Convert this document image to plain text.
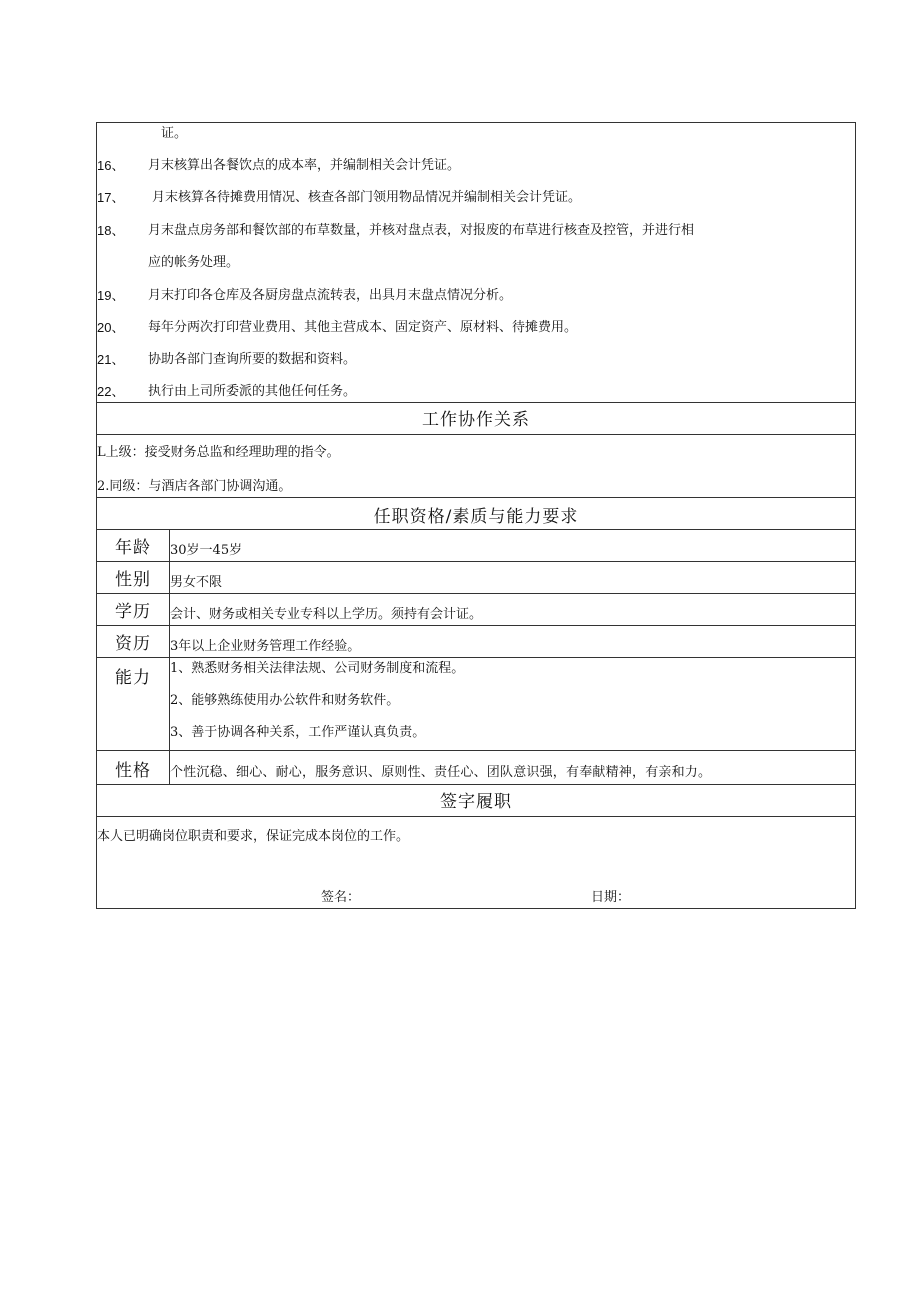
证。
16、 月末核算出各餐饮点的成本率，并编制相关会计凭证。
17、 月末核算各待摊费用情况、核查各部门领用物品情况并编制相关会计凭证。
18、 月末盘点房务部和餐饮部的布草数量，并核对盘点表，对报废的布草进行核查及控管，并进行相
应的帐务处理。
19、 月末打印各仓库及各厨房盘点流转表，出具月末盘点情况分析。
20、 每年分两次打印营业费用、其他主营成本、固定资产、原材料、待摊费用。
21、 协助各部门查询所要的数据和资料。
22、 执行由上司所委派的其他任何任务。
工作协作关系
L上级：接受财务总监和经理助理的指令。
2.同级：与酒店各部门协调沟通。
任职资格/素质与能力要求
年龄	30岁一45岁
性别	男女不限
学历	会计、财务或相关专业专科以上学历。须持有会计证。
资历	3年以上企业财务管理工作经验。
能力	1、熟悉财务相关法律法规、公司财务制度和流程。
2、能够熟练使用办公软件和财务软件。
3、善于协调各种关系，工作严谨认真负责。
性格	个性沉稳、细心、耐心，服务意识、原则性、责任心、团队意识强，有奉献精神，有亲和力。
签字履职
本人已明确岗位职责和要求，保证完成本岗位的工作。
签名：	日期：
